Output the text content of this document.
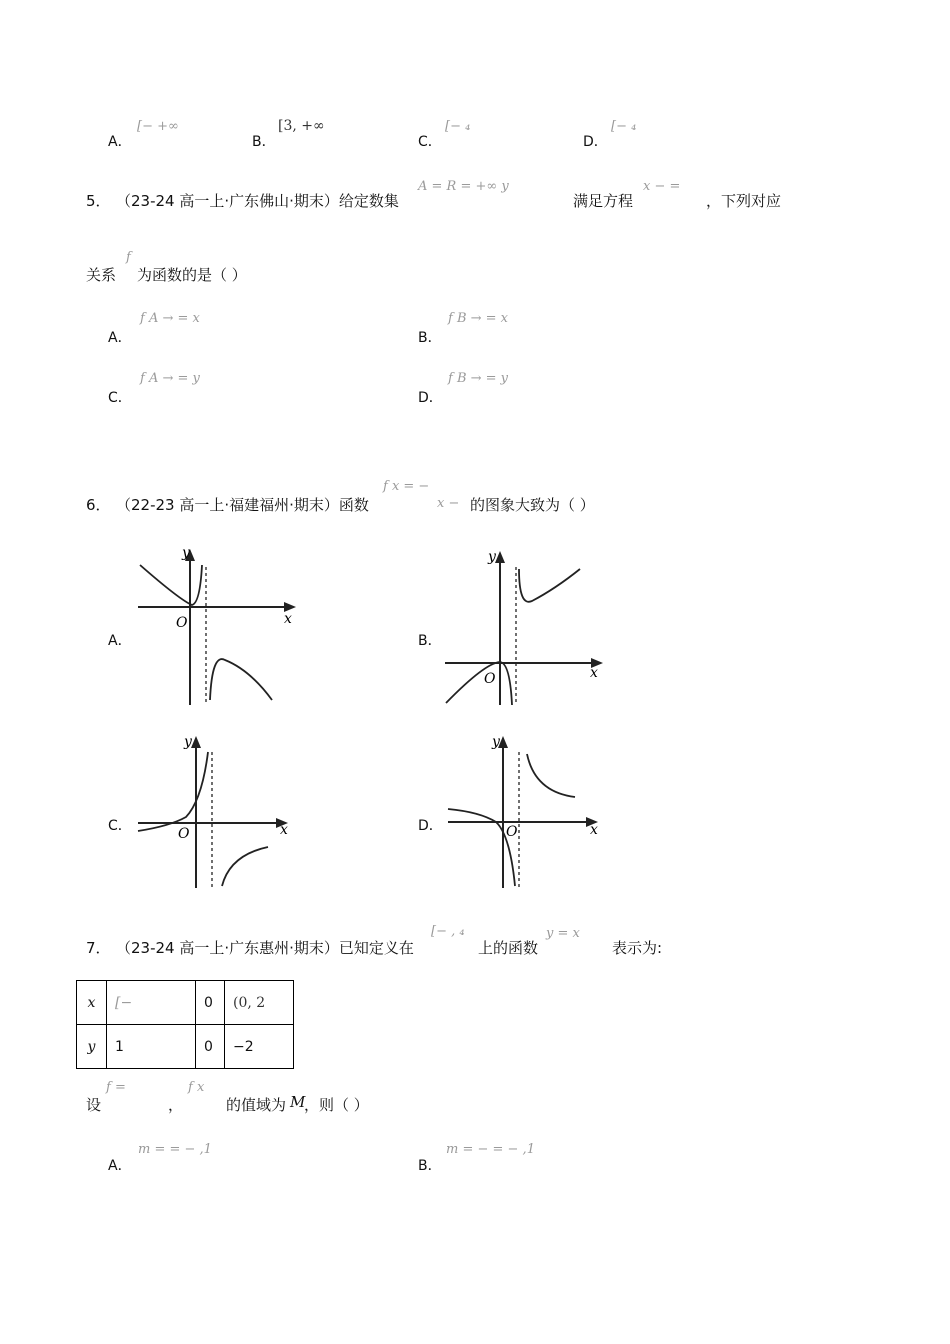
A．
[− +∞
B．
[3, +∞
C．
[− ₄
D．
[− ₄
5． （23-24 高一上·广东佛山·期末）给定数集
A = R = +∞ y
满足方程
x − =
，下列对应
关系
f
为函数的是（ ）
A．
f A → = x
B．
f B → = x
C．
f A → = y
D．
f B → = y
6． （22-23 高一上·福建福州·期末）函数
f x = −
x − 的图象大致为（ ）
A．
y
x
O
B．
y
x
O
C．
y
x
O	D．
y
x
O
7． （23-24 高一上·广东惠州·期末）已知定义在
[− , ₄
上的函数
y = x
表示为:
x	[−	0	(0, 2
y	1	0	−2
设
f =
，
f x
的值域为 M
，则（ ）
A．
m = = − ,1
B．
m = − = − ,1
